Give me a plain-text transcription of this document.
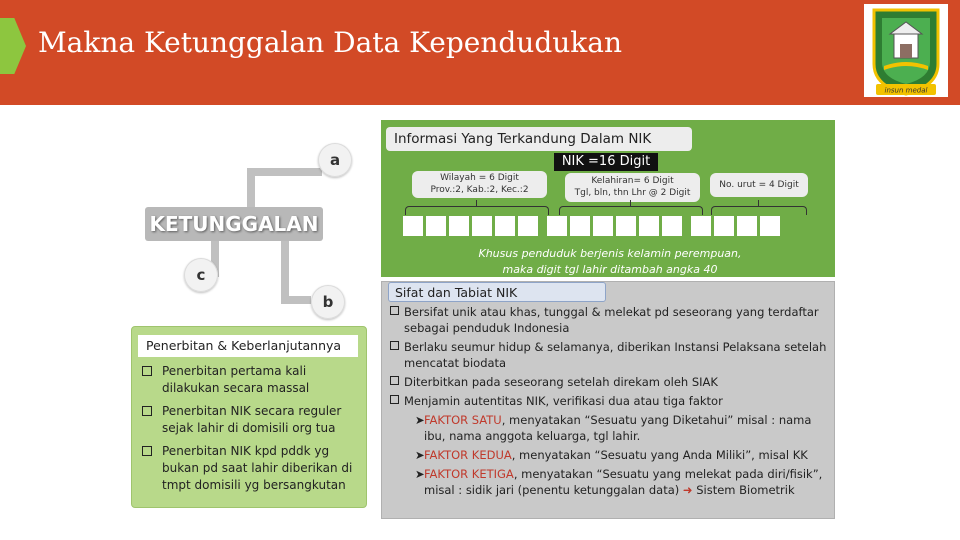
Makna Ketunggalan Data Kependudukan
insun medal
a
c
b
KETUNGGALAN
Penerbitan & Keberlanjutannya
Penerbitan pertama kali dilakukan secara massal
Penerbitan NIK secara reguler sejak lahir di domisili org tua
Penerbitan NIK kpd pddk yg bukan pd saat lahir diberikan di tmpt domisili yg bersangkutan
Informasi Yang Terkandung Dalam NIK
NIK =16 Digit
Wilayah = 6 Digit
Prov.:2, Kab.:2, Kec.:2
Kelahiran= 6 Digit
Tgl, bln, thn Lhr @ 2 Digit
No. urut = 4 Digit
Khusus penduduk berjenis kelamin perempuan,
maka digit tgl lahir ditambah angka 40
Sifat dan Tabiat NIK
Bersifat unik atau khas, tunggal & melekat pd seseorang yang terdaftar sebagai penduduk Indonesia
Berlaku seumur hidup & selamanya, diberikan Instansi Pelaksana setelah mencatat biodata
Diterbitkan pada seseorang setelah direkam oleh SIAK
Menjamin autentitas NIK, verifikasi dua atau tiga faktor
➤ FAKTOR SATU, menyatakan “Sesuatu yang Diketahui” misal : nama ibu, nama anggota keluarga, tgl lahir.
➤ FAKTOR KEDUA, menyatakan “Sesuatu yang Anda Miliki”, misal KK
➤ FAKTOR KETIGA, menyatakan “Sesuatu yang melekat pada diri/fisik”, misal : sidik jari (penentu ketunggalan data) ➜ Sistem Biometrik
